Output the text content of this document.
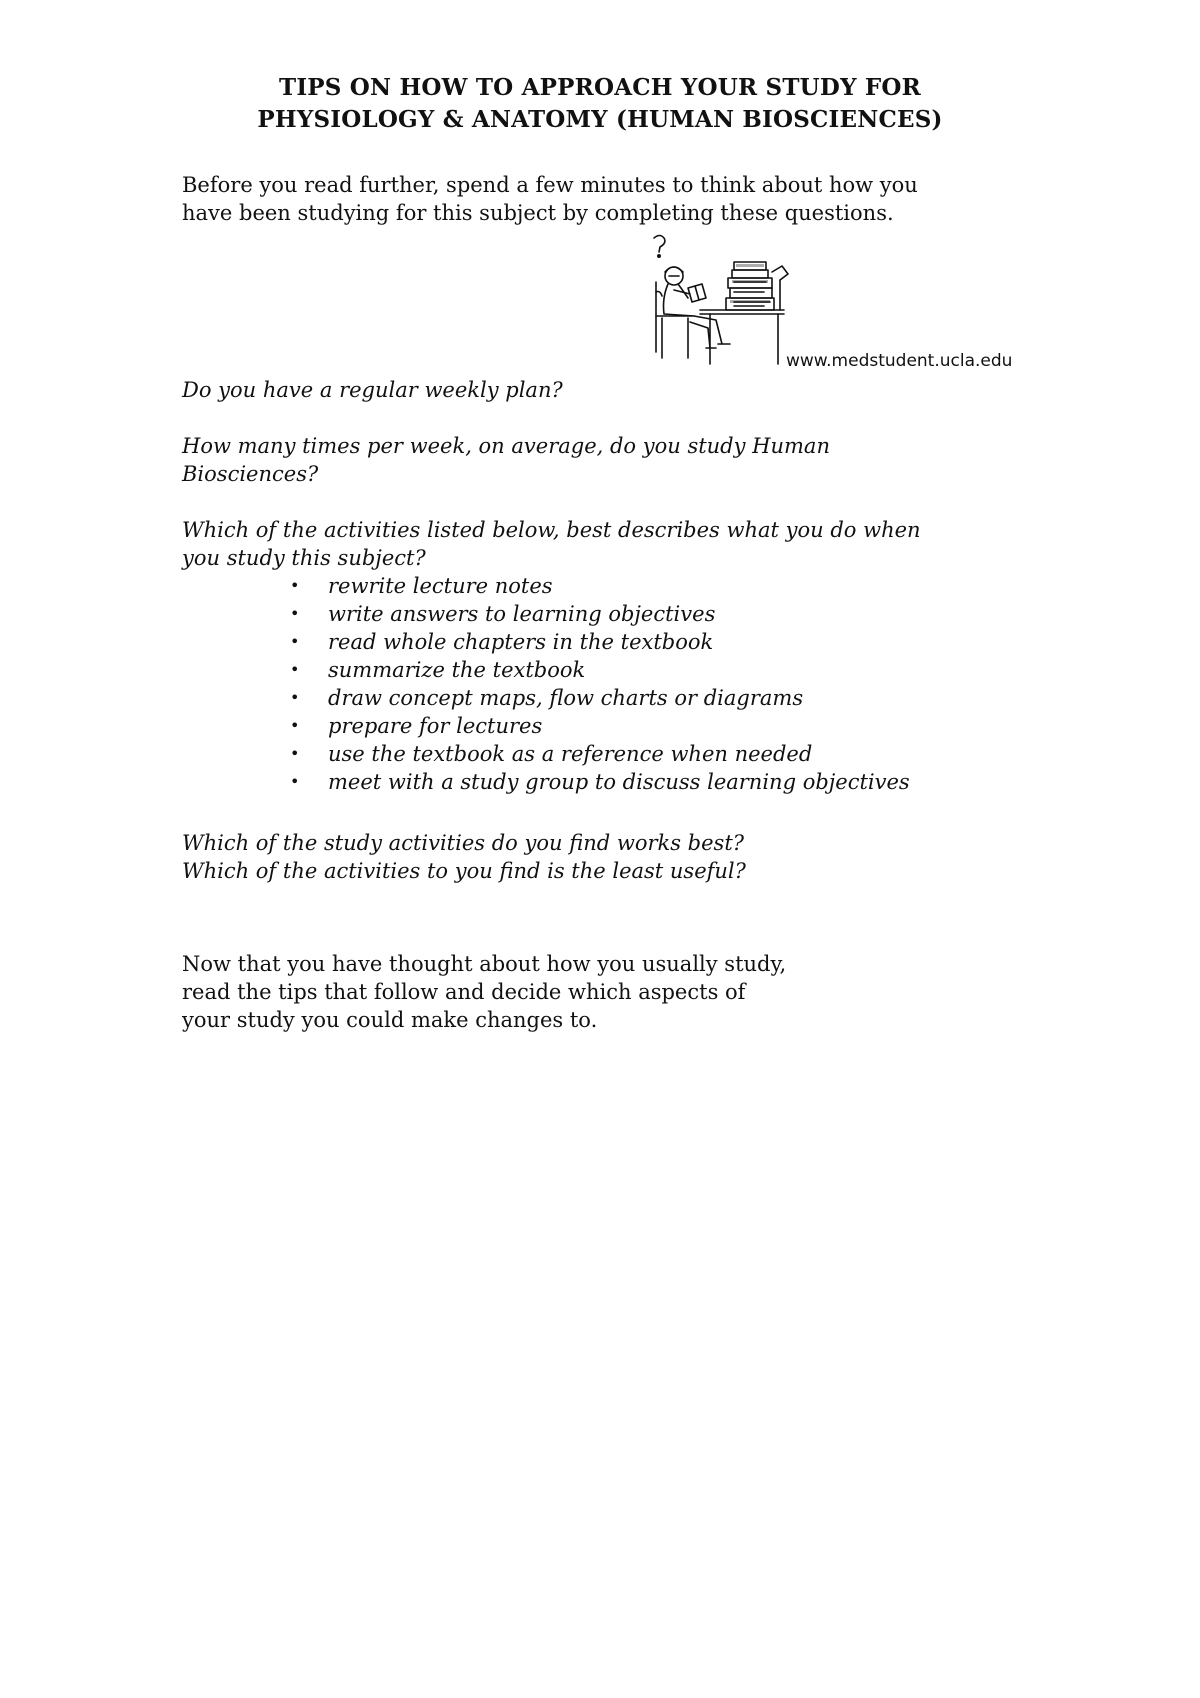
TIPS ON HOW TO APPROACH YOUR STUDY FOR
PHYSIOLOGY & ANATOMY (HUMAN BIOSCIENCES)
Before you read further, spend a few minutes to think about how you
have been studying for this subject by completing these questions.
www.medstudent.ucla.edu
Do you have a regular weekly plan?
How many times per week, on average, do you study Human
Biosciences?
Which of the activities listed below, best describes what you do when
you study this subject?
• rewrite lecture notes
• write answers to learning objectives
• read whole chapters in the textbook
• summarize the textbook
• draw concept maps, flow charts or diagrams
• prepare for lectures
• use the textbook as a reference when needed
• meet with a study group to discuss learning objectives
Which of the study activities do you find works best?
Which of the activities to you find is the least useful?
Now that you have thought about how you usually study,
read the tips that follow and decide which aspects of
your study you could make changes to.
